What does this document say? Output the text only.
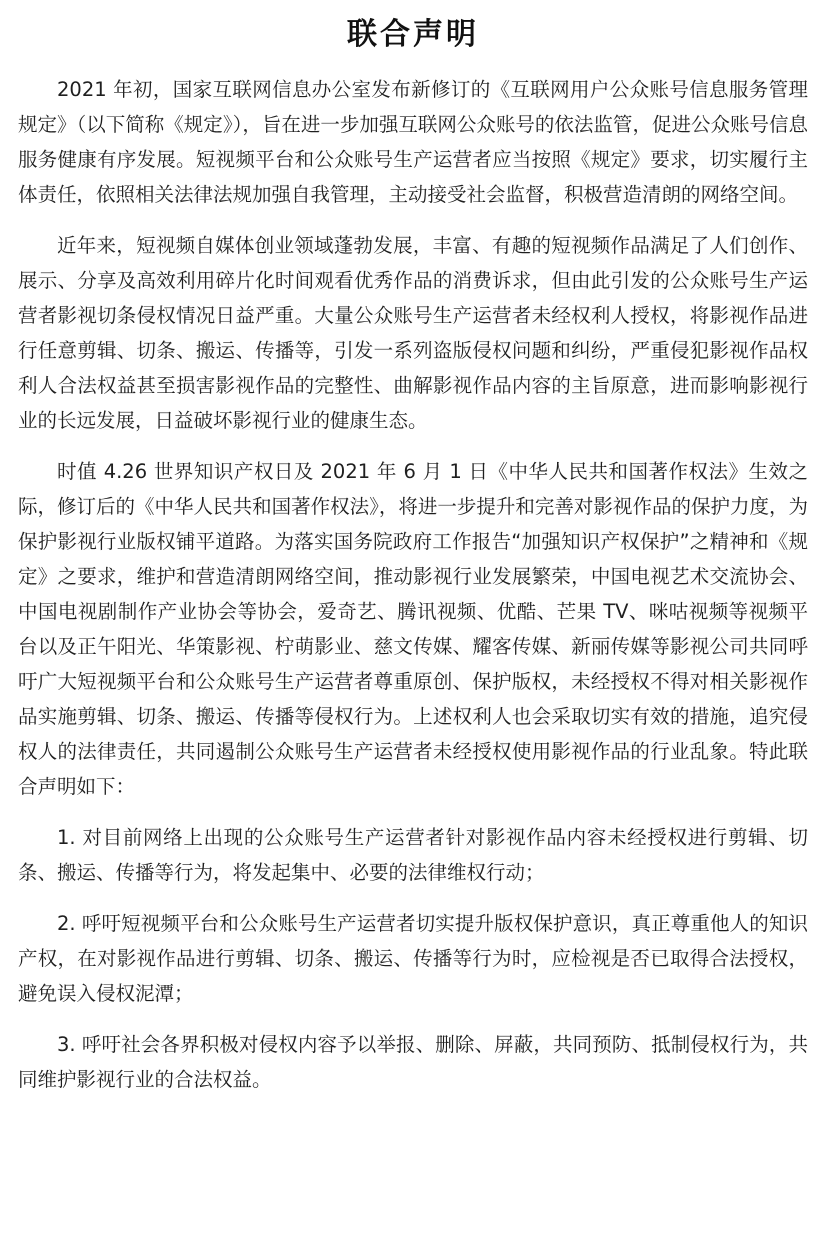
联合声明

2021 年初，国家互联网信息办公室发布新修订的《互联网用户公众账号信息服务管理规定》（以下简称《规定》），旨在进一步加强互联网公众账号的依法监管，促进公众账号信息服务健康有序发展。短视频平台和公众账号生产运营者应当按照《规定》要求，切实履行主体责任，依照相关法律法规加强自我管理，主动接受社会监督，积极营造清朗的网络空间。

近年来，短视频自媒体创业领域蓬勃发展，丰富、有趣的短视频作品满足了人们创作、展示、分享及高效利用碎片化时间观看优秀作品的消费诉求，但由此引发的公众账号生产运营者影视切条侵权情况日益严重。大量公众账号生产运营者未经权利人授权，将影视作品进行任意剪辑、切条、搬运、传播等，引发一系列盗版侵权问题和纠纷，严重侵犯影视作品权利人合法权益甚至损害影视作品的完整性、曲解影视作品内容的主旨原意，进而影响影视行业的长远发展，日益破坏影视行业的健康生态。

时值 4.26 世界知识产权日及 2021 年 6 月 1 日《中华人民共和国著作权法》生效之际，修订后的《中华人民共和国著作权法》，将进一步提升和完善对影视作品的保护力度，为保护影视行业版权铺平道路。为落实国务院政府工作报告“加强知识产权保护”之精神和《规定》之要求，维护和营造清朗网络空间，推动影视行业发展繁荣，中国电视艺术交流协会、中国电视剧制作产业协会等协会，爱奇艺、腾讯视频、优酷、芒果 TV、咪咕视频等视频平台以及正午阳光、华策影视、柠萌影业、慈文传媒、耀客传媒、新丽传媒等影视公司共同呼吁广大短视频平台和公众账号生产运营者尊重原创、保护版权，未经授权不得对相关影视作品实施剪辑、切条、搬运、传播等侵权行为。上述权利人也会采取切实有效的措施，追究侵权人的法律责任，共同遏制公众账号生产运营者未经授权使用影视作品的行业乱象。特此联合声明如下：

1. 对目前网络上出现的公众账号生产运营者针对影视作品内容未经授权进行剪辑、切条、搬运、传播等行为，将发起集中、必要的法律维权行动；

2. 呼吁短视频平台和公众账号生产运营者切实提升版权保护意识，真正尊重他人的知识产权，在对影视作品进行剪辑、切条、搬运、传播等行为时，应检视是否已取得合法授权，避免误入侵权泥潭；

3. 呼吁社会各界积极对侵权内容予以举报、删除、屏蔽，共同预防、抵制侵权行为，共同维护影视行业的合法权益。
